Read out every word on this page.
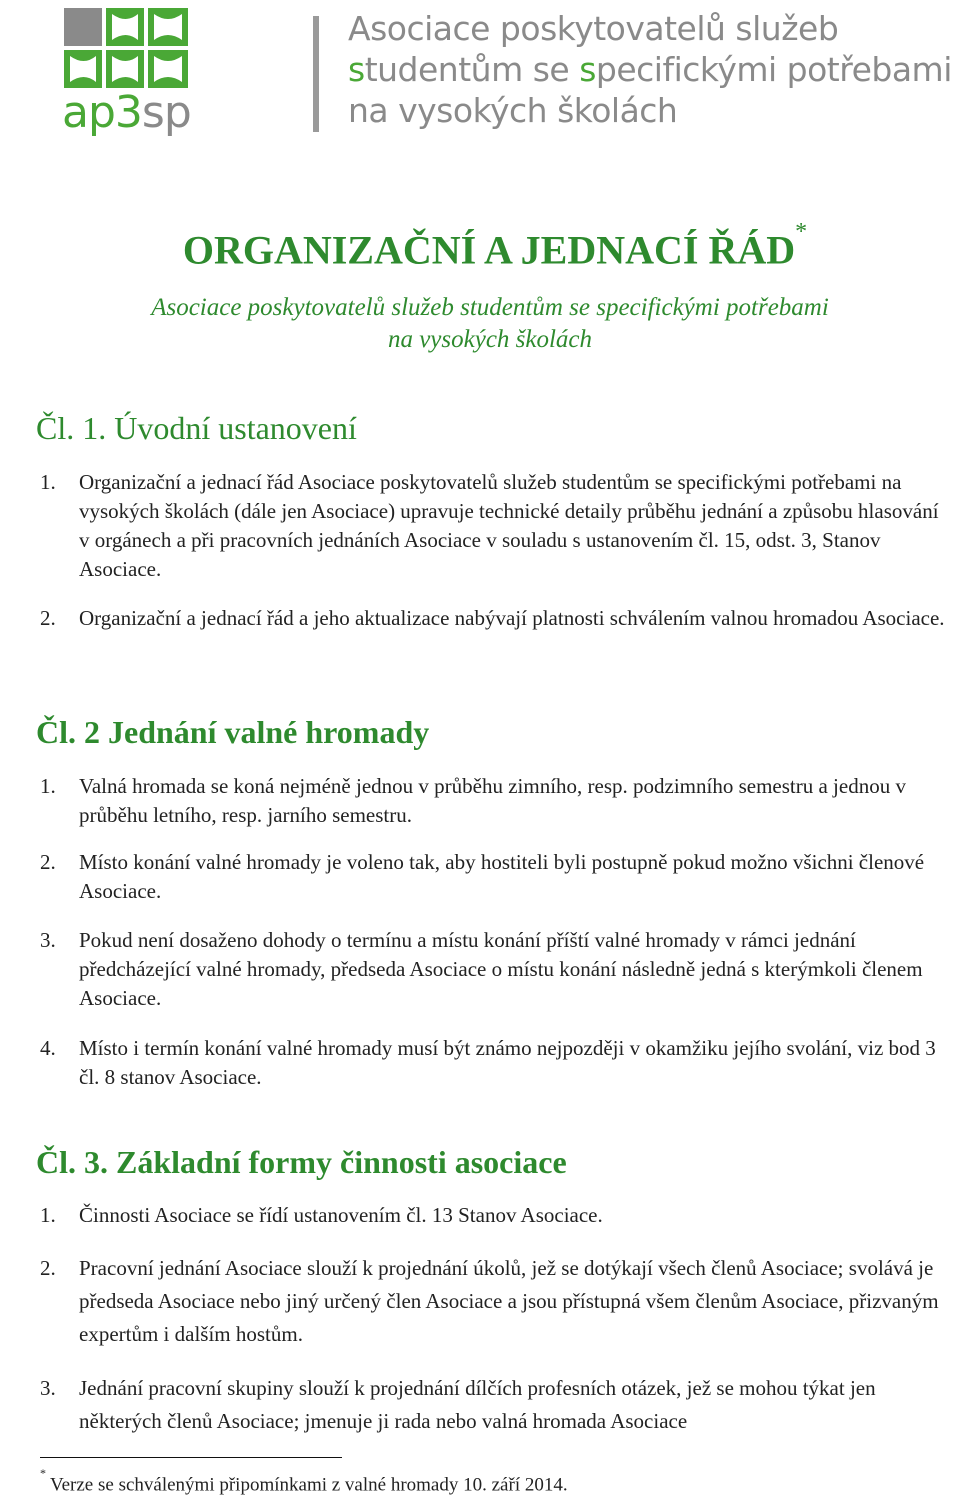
ap3sp
Asociace poskytovatelů služeb
studentům se specifickými potřebami
na vysokých školách
ORGANIZAČNÍ A JEDNACÍ ŘÁD*
Asociace poskytovatelů služeb studentům se specifickými potřebami
na vysokých školách
Čl. 1. Úvodní ustanovení
1. Organizační a jednací řád Asociace poskytovatelů služeb studentům se specifickými potřebami na vysokých školách (dále jen Asociace) upravuje technické detaily průběhu jednání a způsobu hlasování v orgánech a při pracovních jednáních Asociace v souladu s ustanovením čl. 15, odst. 3, Stanov Asociace.
2. Organizační a jednací řád a jeho aktualizace nabývají platnosti schválením valnou hromadou Asociace.
Čl. 2 Jednání valné hromady
1. Valná hromada se koná nejméně jednou v průběhu zimního, resp. podzimního semestru a jednou v průběhu letního, resp. jarního semestru.
2. Místo konání valné hromady je voleno tak, aby hostiteli byli postupně pokud možno všichni členové Asociace.
3. Pokud není dosaženo dohody o termínu a místu konání příští valné hromady v rámci jednání předcházející valné hromady, předseda Asociace o místu konání následně jedná s kterýmkoli členem Asociace.
4. Místo i termín konání valné hromady musí být známo nejpozději v okamžiku jejího svolání, viz bod 3 čl. 8 stanov Asociace.
Čl. 3. Základní formy činnosti asociace
1. Činnosti Asociace se řídí ustanovením čl. 13 Stanov Asociace.
2. Pracovní jednání Asociace slouží k projednání úkolů, jež se dotýkají všech členů Asociace; svolává je předseda Asociace nebo jiný určený člen Asociace a jsou přístupná všem členům Asociace, přizvaným expertům i dalším hostům.
3. Jednání pracovní skupiny slouží k projednání dílčích profesních otázek, jež se mohou týkat jen některých členů Asociace; jmenuje ji rada nebo valná hromada Asociace

*Verze se schválenými připomínkami z valné hromady 10. září 2014.
